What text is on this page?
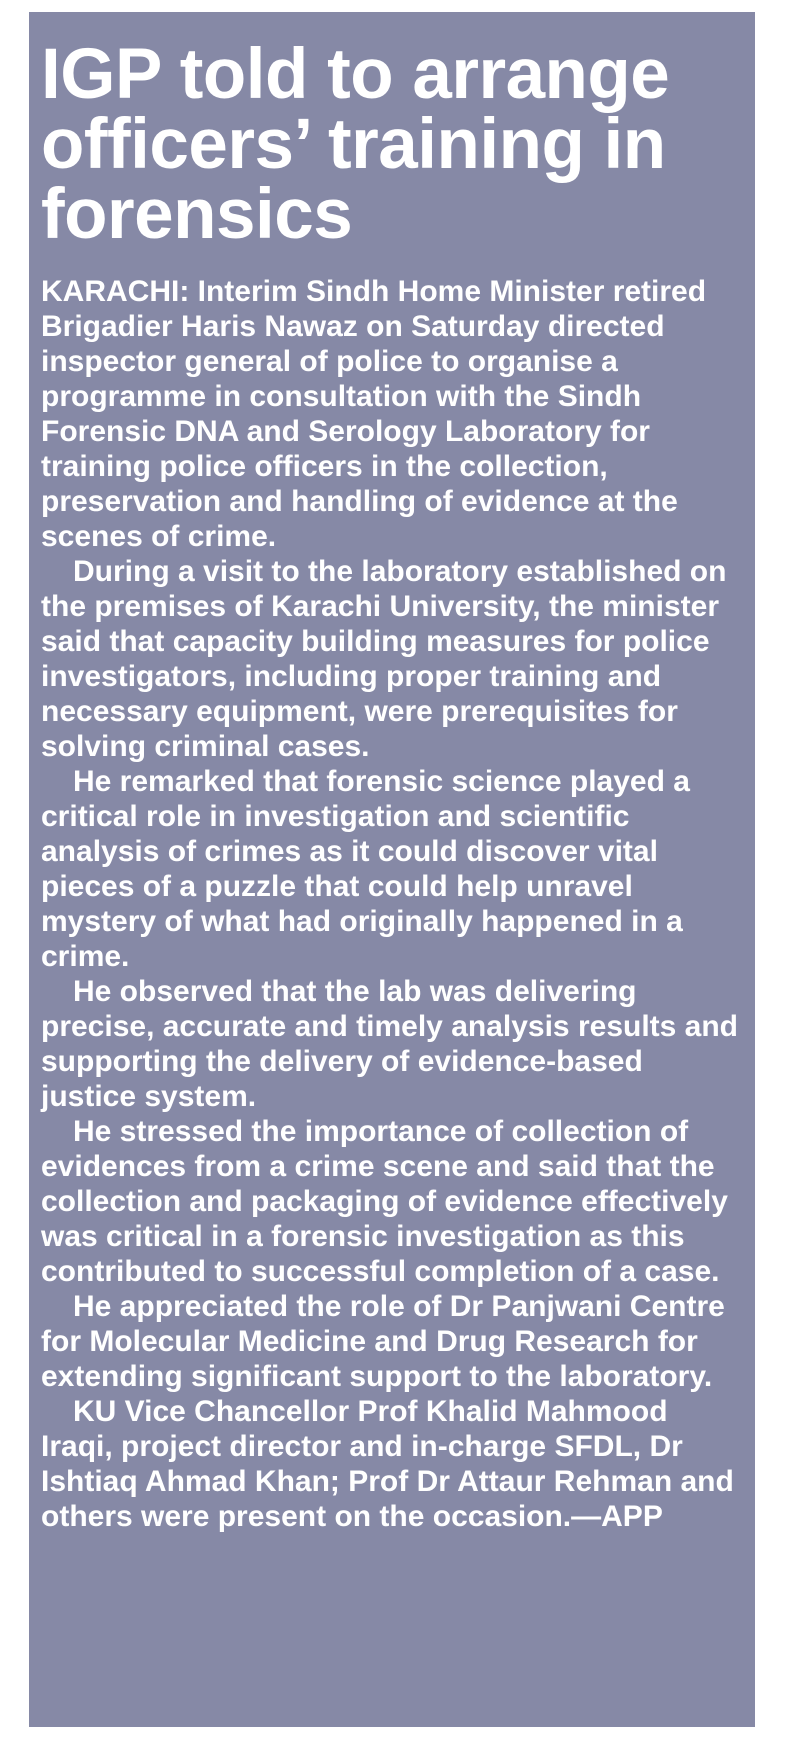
IGP told to arrange officers’ training in forensics

KARACHI: Interim Sindh Home Minister retired Brigadier Haris Nawaz on Saturday directed inspector general of police to organise a programme in consultation with the Sindh Forensic DNA and Serology Laboratory for training police officers in the collection, preservation and handling of evidence at the scenes of crime.

During a visit to the laboratory established on the premises of Karachi University, the minister said that capacity building measures for police investigators, including proper training and necessary equipment, were prerequisites for solving criminal cases.

He remarked that forensic science played a critical role in investigation and scientific analysis of crimes as it could discover vital pieces of a puzzle that could help unravel mystery of what had originally happened in a crime.

He observed that the lab was delivering precise, accurate and timely analysis results and supporting the delivery of evidence-based justice system.

He stressed the importance of collection of evidences from a crime scene and said that the collection and packaging of evidence effectively was critical in a forensic investigation as this contributed to successful completion of a case.

He appreciated the role of Dr Panjwani Centre for Molecular Medicine and Drug Research for extending significant support to the laboratory.

KU Vice Chancellor Prof Khalid Mahmood Iraqi, project director and in-charge SFDL, Dr Ishtiaq Ahmad Khan; Prof Dr Attaur Rehman and others were present on the occasion.—APP
